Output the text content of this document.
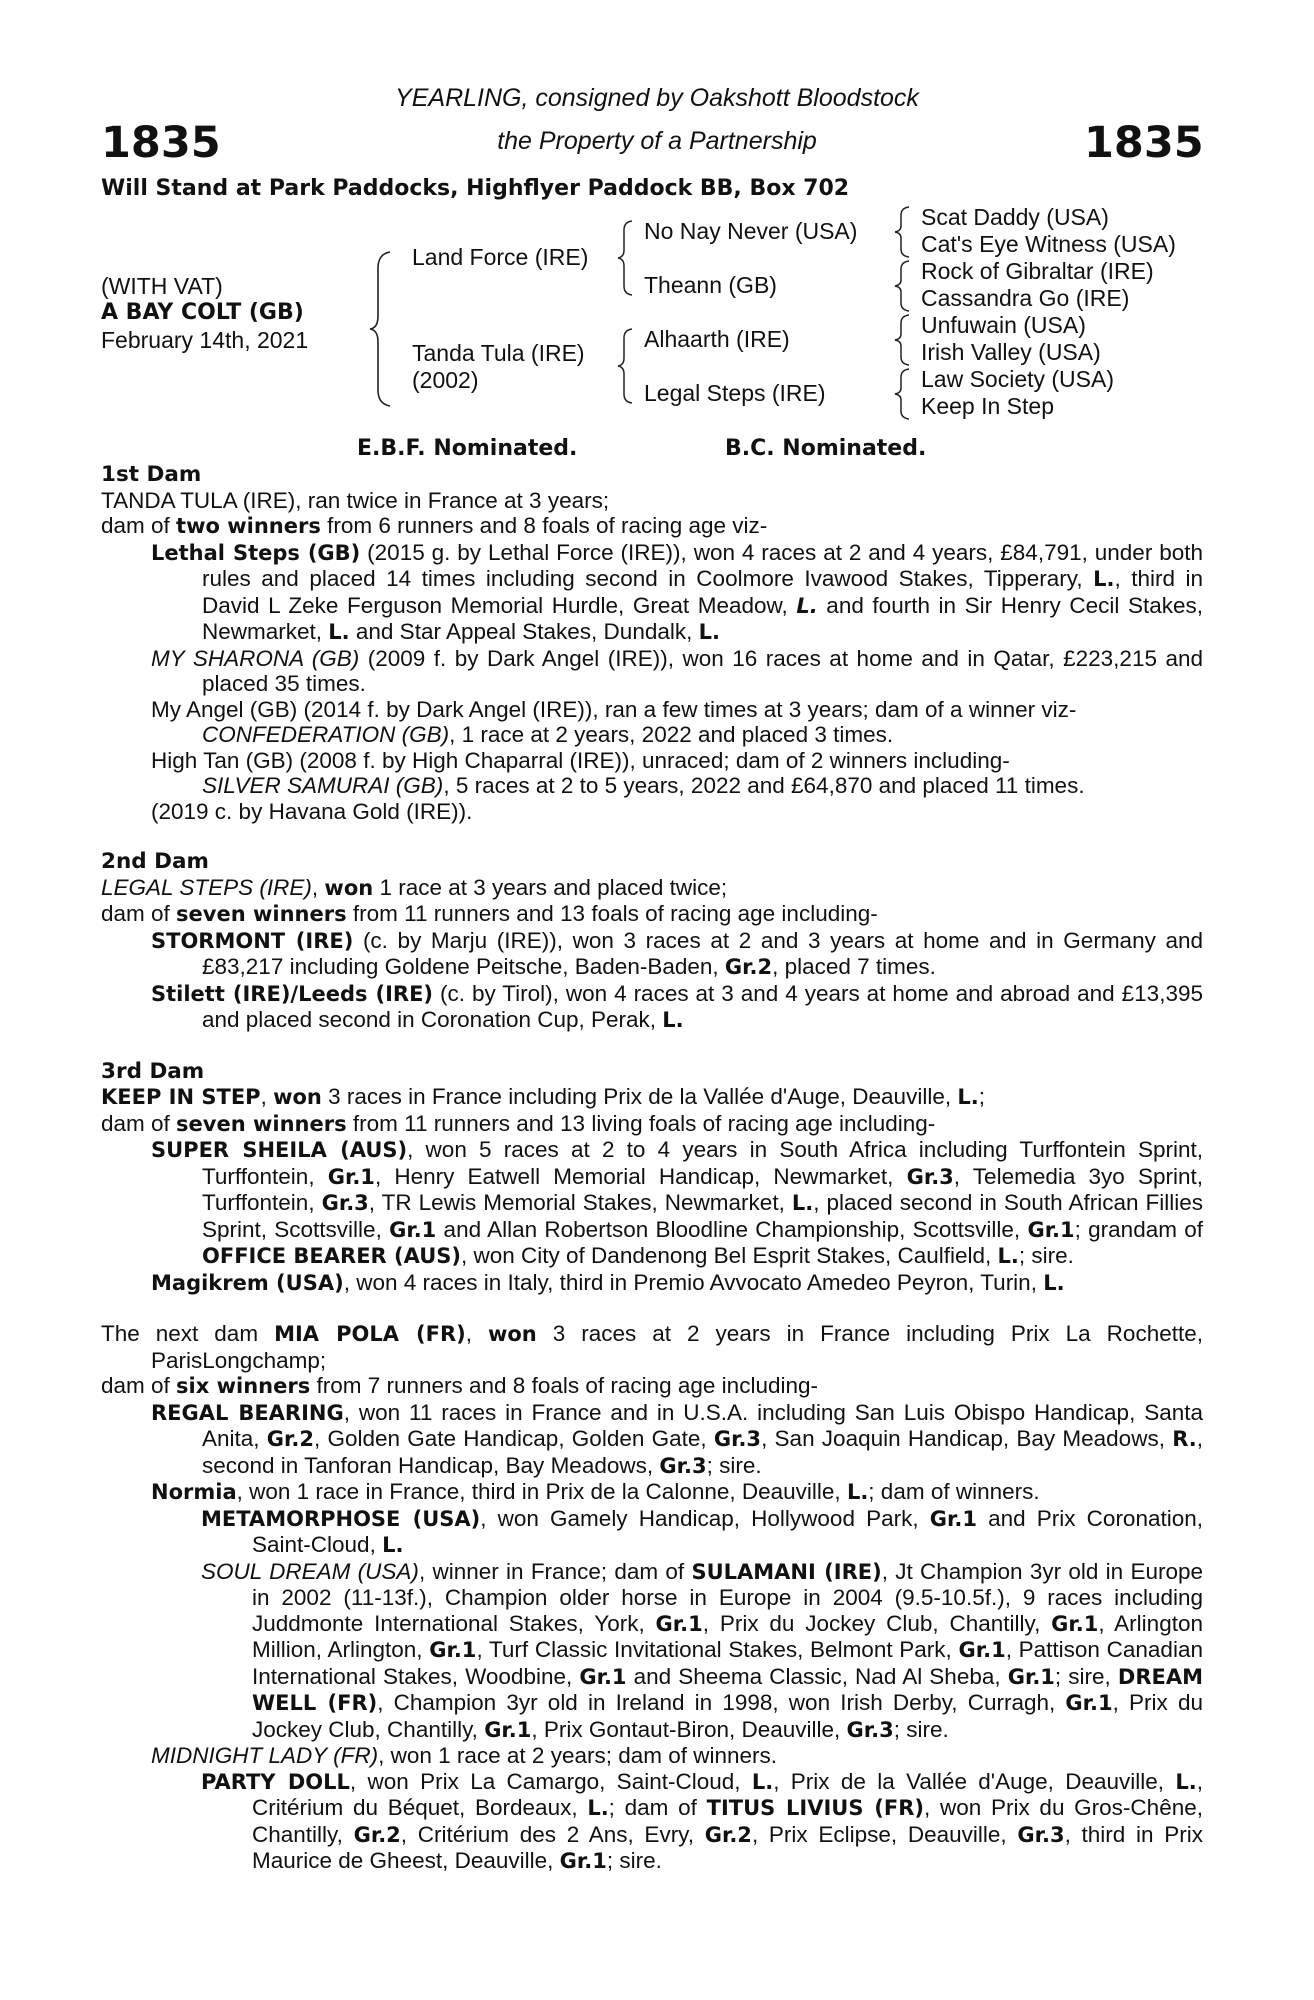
1835	1835
YEARLING, consigned by Oakshott Bloodstock
the Property of a Partnership
Will Stand at Park Paddocks, Highflyer Paddock BB, Box 702
(WITH VAT)
A BAY COLT (GB)
February 14th, 2021
Land Force (IRE)
Tanda Tula (IRE)
(2002)
No Nay Never (USA)
Theann (GB)
Alhaarth (IRE)
Legal Steps (IRE)
Scat Daddy (USA)
Cat's Eye Witness (USA)
Rock of Gibraltar (IRE)
Cassandra Go (IRE)
Unfuwain (USA)
Irish Valley (USA)
Law Society (USA)
Keep In Step
E.B.F. Nominated.	B.C. Nominated.
1st Dam

TANDA TULA (IRE), ran twice in France at 3 years;

dam of two winners from 6 runners and 8 foals of racing age viz-

Lethal Steps (GB) (2015 g. by Lethal Force (IRE)), won 4 races at 2 and 4 years, £84,791, under both rules and placed 14 times including second in Coolmore Ivawood Stakes, Tipperary, L., third in David L Zeke Ferguson Memorial Hurdle, Great Meadow, L. and fourth in Sir Henry Cecil Stakes, Newmarket, L. and Star Appeal Stakes, Dundalk, L.

MY SHARONA (GB) (2009 f. by Dark Angel (IRE)), won 16 races at home and in Qatar, £223,215 and placed 35 times.

My Angel (GB) (2014 f. by Dark Angel (IRE)), ran a few times at 3 years; dam of a winner viz-

CONFEDERATION (GB), 1 race at 2 years, 2022 and placed 3 times.

High Tan (GB) (2008 f. by High Chaparral (IRE)), unraced; dam of 2 winners including-

SILVER SAMURAI (GB), 5 races at 2 to 5 years, 2022 and £64,870 and placed 11 times.

(2019 c. by Havana Gold (IRE)).

2nd Dam

LEGAL STEPS (IRE), won 1 race at 3 years and placed twice;

dam of seven winners from 11 runners and 13 foals of racing age including-

STORMONT (IRE) (c. by Marju (IRE)), won 3 races at 2 and 3 years at home and in Germany and £83,217 including Goldene Peitsche, Baden-Baden, Gr.2, placed 7 times.

Stilett (IRE)/Leeds (IRE) (c. by Tirol), won 4 races at 3 and 4 years at home and abroad and £13,395 and placed second in Coronation Cup, Perak, L.

3rd Dam

KEEP IN STEP, won 3 races in France including Prix de la Vallée d'Auge, Deauville, L.;

dam of seven winners from 11 runners and 13 living foals of racing age including-

SUPER SHEILA (AUS), won 5 races at 2 to 4 years in South Africa including Turffontein Sprint, Turffontein, Gr.1, Henry Eatwell Memorial Handicap, Newmarket, Gr.3, Telemedia 3yo Sprint, Turffontein, Gr.3, TR Lewis Memorial Stakes, Newmarket, L., placed second in South African Fillies Sprint, Scottsville, Gr.1 and Allan Robertson Bloodline Championship, Scottsville, Gr.1; grandam of OFFICE BEARER (AUS), won City of Dandenong Bel Esprit Stakes, Caulfield, L.; sire.

Magikrem (USA), won 4 races in Italy, third in Premio Avvocato Amedeo Peyron, Turin, L.

The next dam MIA POLA (FR), won 3 races at 2 years in France including Prix La Rochette, ParisLongchamp;

dam of six winners from 7 runners and 8 foals of racing age including-

REGAL BEARING, won 11 races in France and in U.S.A. including San Luis Obispo Handicap, Santa Anita, Gr.2, Golden Gate Handicap, Golden Gate, Gr.3, San Joaquin Handicap, Bay Meadows, R., second in Tanforan Handicap, Bay Meadows, Gr.3; sire.

Normia, won 1 race in France, third in Prix de la Calonne, Deauville, L.; dam of winners.

METAMORPHOSE (USA), won Gamely Handicap, Hollywood Park, Gr.1 and Prix Coronation, Saint-Cloud, L.

SOUL DREAM (USA), winner in France; dam of SULAMANI (IRE), Jt Champion 3yr old in Europe in 2002 (11-13f.), Champion older horse in Europe in 2004 (9.5-10.5f.), 9 races including Juddmonte International Stakes, York, Gr.1, Prix du Jockey Club, Chantilly, Gr.1, Arlington Million, Arlington, Gr.1, Turf Classic Invitational Stakes, Belmont Park, Gr.1, Pattison Canadian International Stakes, Woodbine, Gr.1 and Sheema Classic, Nad Al Sheba, Gr.1; sire, DREAM WELL (FR), Champion 3yr old in Ireland in 1998, won Irish Derby, Curragh, Gr.1, Prix du Jockey Club, Chantilly, Gr.1, Prix Gontaut-Biron, Deauville, Gr.3; sire.

MIDNIGHT LADY (FR), won 1 race at 2 years; dam of winners.

PARTY DOLL, won Prix La Camargo, Saint-Cloud, L., Prix de la Vallée d'Auge, Deauville, L., Critérium du Béquet, Bordeaux, L.; dam of TITUS LIVIUS (FR), won Prix du Gros-Chêne, Chantilly, Gr.2, Critérium des 2 Ans, Evry, Gr.2, Prix Eclipse, Deauville, Gr.3, third in Prix Maurice de Gheest, Deauville, Gr.1; sire.
